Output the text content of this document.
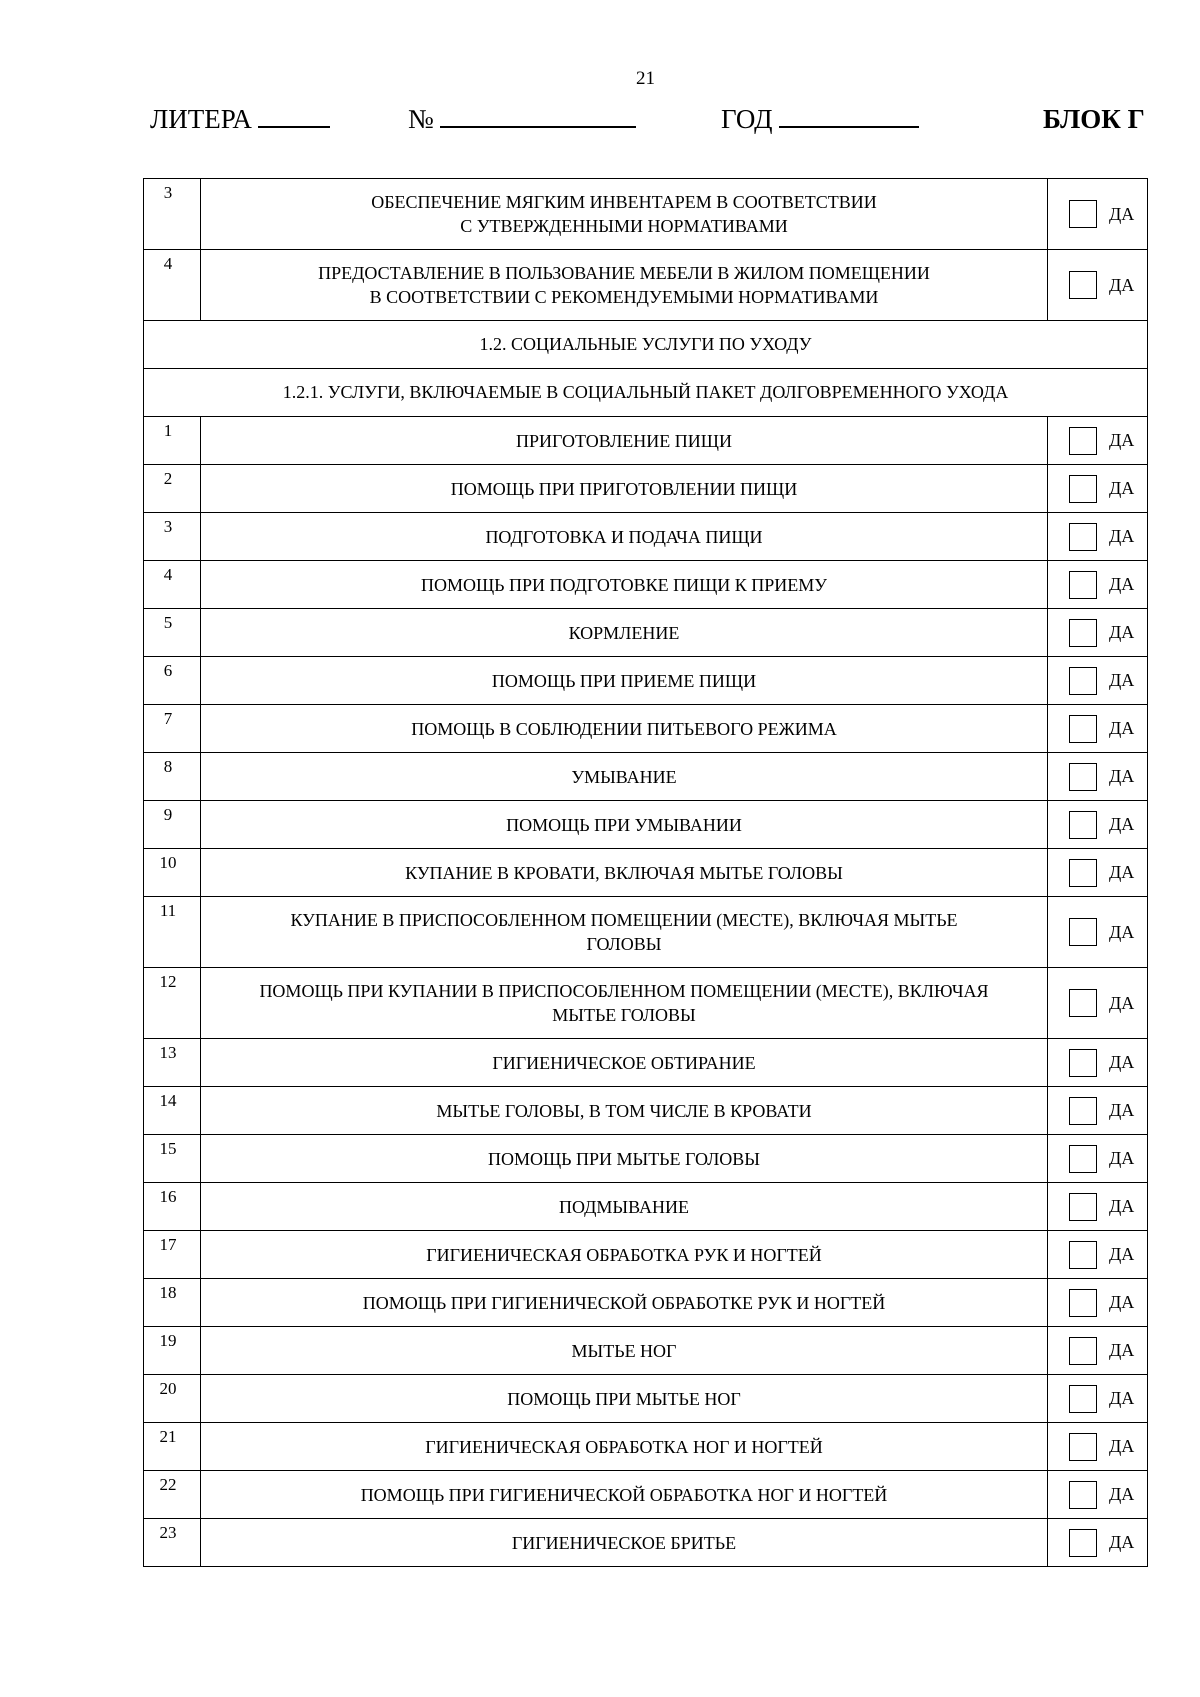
21
ЛИТЕРА	№	ГОД	БЛОК Г
3	ОБЕСПЕЧЕНИЕ МЯГКИМ ИНВЕНТАРЕМ В СООТВЕТСТВИИ
С УТВЕРЖДЕННЫМИ НОРМАТИВАМИ	ДА

4	ПРЕДОСТАВЛЕНИЕ В ПОЛЬЗОВАНИЕ МЕБЕЛИ В ЖИЛОМ ПОМЕЩЕНИИ
В СООТВЕТСТВИИ С РЕКОМЕНДУЕМЫМИ НОРМАТИВАМИ	ДА

1.2. СОЦИАЛЬНЫЕ УСЛУГИ ПО УХОДУ		
1.2.1. УСЛУГИ, ВКЛЮЧАЕМЫЕ В СОЦИАЛЬНЫЙ ПАКЕТ ДОЛГОВРЕМЕННОГО УХОДА		

1	ПРИГОТОВЛЕНИЕ ПИЩИ	ДА

2	ПОМОЩЬ ПРИ ПРИГОТОВЛЕНИИ ПИЩИ	ДА

3	ПОДГОТОВКА И ПОДАЧА ПИЩИ	ДА

4	ПОМОЩЬ ПРИ ПОДГОТОВКЕ ПИЩИ К ПРИЕМУ	ДА

5	КОРМЛЕНИЕ	ДА

6	ПОМОЩЬ ПРИ ПРИЕМЕ ПИЩИ	ДА

7	ПОМОЩЬ В СОБЛЮДЕНИИ ПИТЬЕВОГО РЕЖИМА	ДА

8	УМЫВАНИЕ	ДА

9	ПОМОЩЬ ПРИ УМЫВАНИИ	ДА

10	КУПАНИЕ В КРОВАТИ, ВКЛЮЧАЯ МЫТЬЕ ГОЛОВЫ	ДА

11	КУПАНИЕ В ПРИСПОСОБЛЕННОМ ПОМЕЩЕНИИ (МЕСТЕ), ВКЛЮЧАЯ МЫТЬЕ
ГОЛОВЫ	ДА

12	ПОМОЩЬ ПРИ КУПАНИИ В ПРИСПОСОБЛЕННОМ ПОМЕЩЕНИИ (МЕСТЕ), ВКЛЮЧАЯ
МЫТЬЕ ГОЛОВЫ	ДА

13	ГИГИЕНИЧЕСКОЕ ОБТИРАНИЕ	ДА

14	МЫТЬЕ ГОЛОВЫ, В ТОМ ЧИСЛЕ В КРОВАТИ	ДА

15	ПОМОЩЬ ПРИ МЫТЬЕ ГОЛОВЫ	ДА

16	ПОДМЫВАНИЕ	ДА

17	ГИГИЕНИЧЕСКАЯ ОБРАБОТКА РУК И НОГТЕЙ	ДА

18	ПОМОЩЬ ПРИ ГИГИЕНИЧЕСКОЙ ОБРАБОТКЕ РУК И НОГТЕЙ	ДА

19	МЫТЬЕ НОГ	ДА

20	ПОМОЩЬ ПРИ МЫТЬЕ НОГ	ДА

21	ГИГИЕНИЧЕСКАЯ ОБРАБОТКА НОГ И НОГТЕЙ	ДА

22	ПОМОЩЬ ПРИ ГИГИЕНИЧЕСКОЙ ОБРАБОТКА НОГ И НОГТЕЙ	ДА

23	ГИГИЕНИЧЕСКОЕ БРИТЬЕ	ДА
